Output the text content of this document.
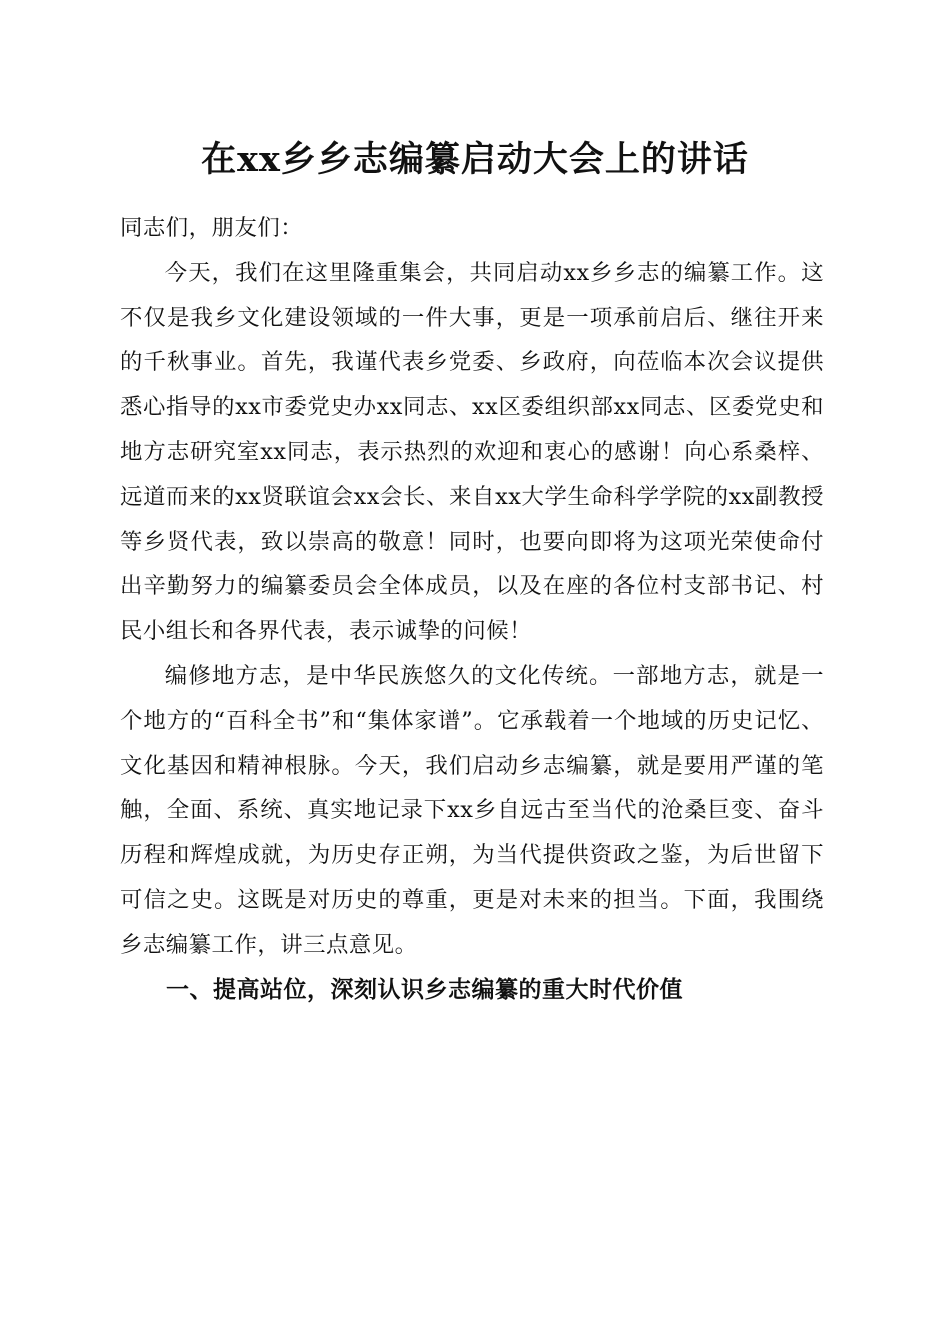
在xx乡乡志编纂启动大会上的讲话

同志们，朋友们：

今天，我们在这里隆重集会，共同启动xx乡乡志的编纂工作。这不仅是我乡文化建设领域的一件大事，更是一项承前启后、继往开来的千秋事业。首先，我谨代表乡党委、乡政府，向莅临本次会议提供悉心指导的xx市委党史办xx同志、xx区委组织部xx同志、区委党史和地方志研究室xx同志，表示热烈的欢迎和衷心的感谢！向心系桑梓、远道而来的xx贤联谊会xx会长、来自xx大学生命科学学院的xx副教授等乡贤代表，致以崇高的敬意！同时，也要向即将为这项光荣使命付出辛勤努力的编纂委员会全体成员，以及在座的各位村支部书记、村民小组长和各界代表，表示诚挚的问候！

编修地方志，是中华民族悠久的文化传统。一部地方志，就是一个地方的“百科全书”和“集体家谱”。它承载着一个地域的历史记忆、文化基因和精神根脉。今天，我们启动乡志编纂，就是要用严谨的笔触，全面、系统、真实地记录下xx乡自远古至当代的沧桑巨变、奋斗历程和辉煌成就，为历史存正朔，为当代提供资政之鉴，为后世留下可信之史。这既是对历史的尊重，更是对未来的担当。下面，我围绕乡志编纂工作，讲三点意见。

一、提高站位，深刻认识乡志编纂的重大时代价值
